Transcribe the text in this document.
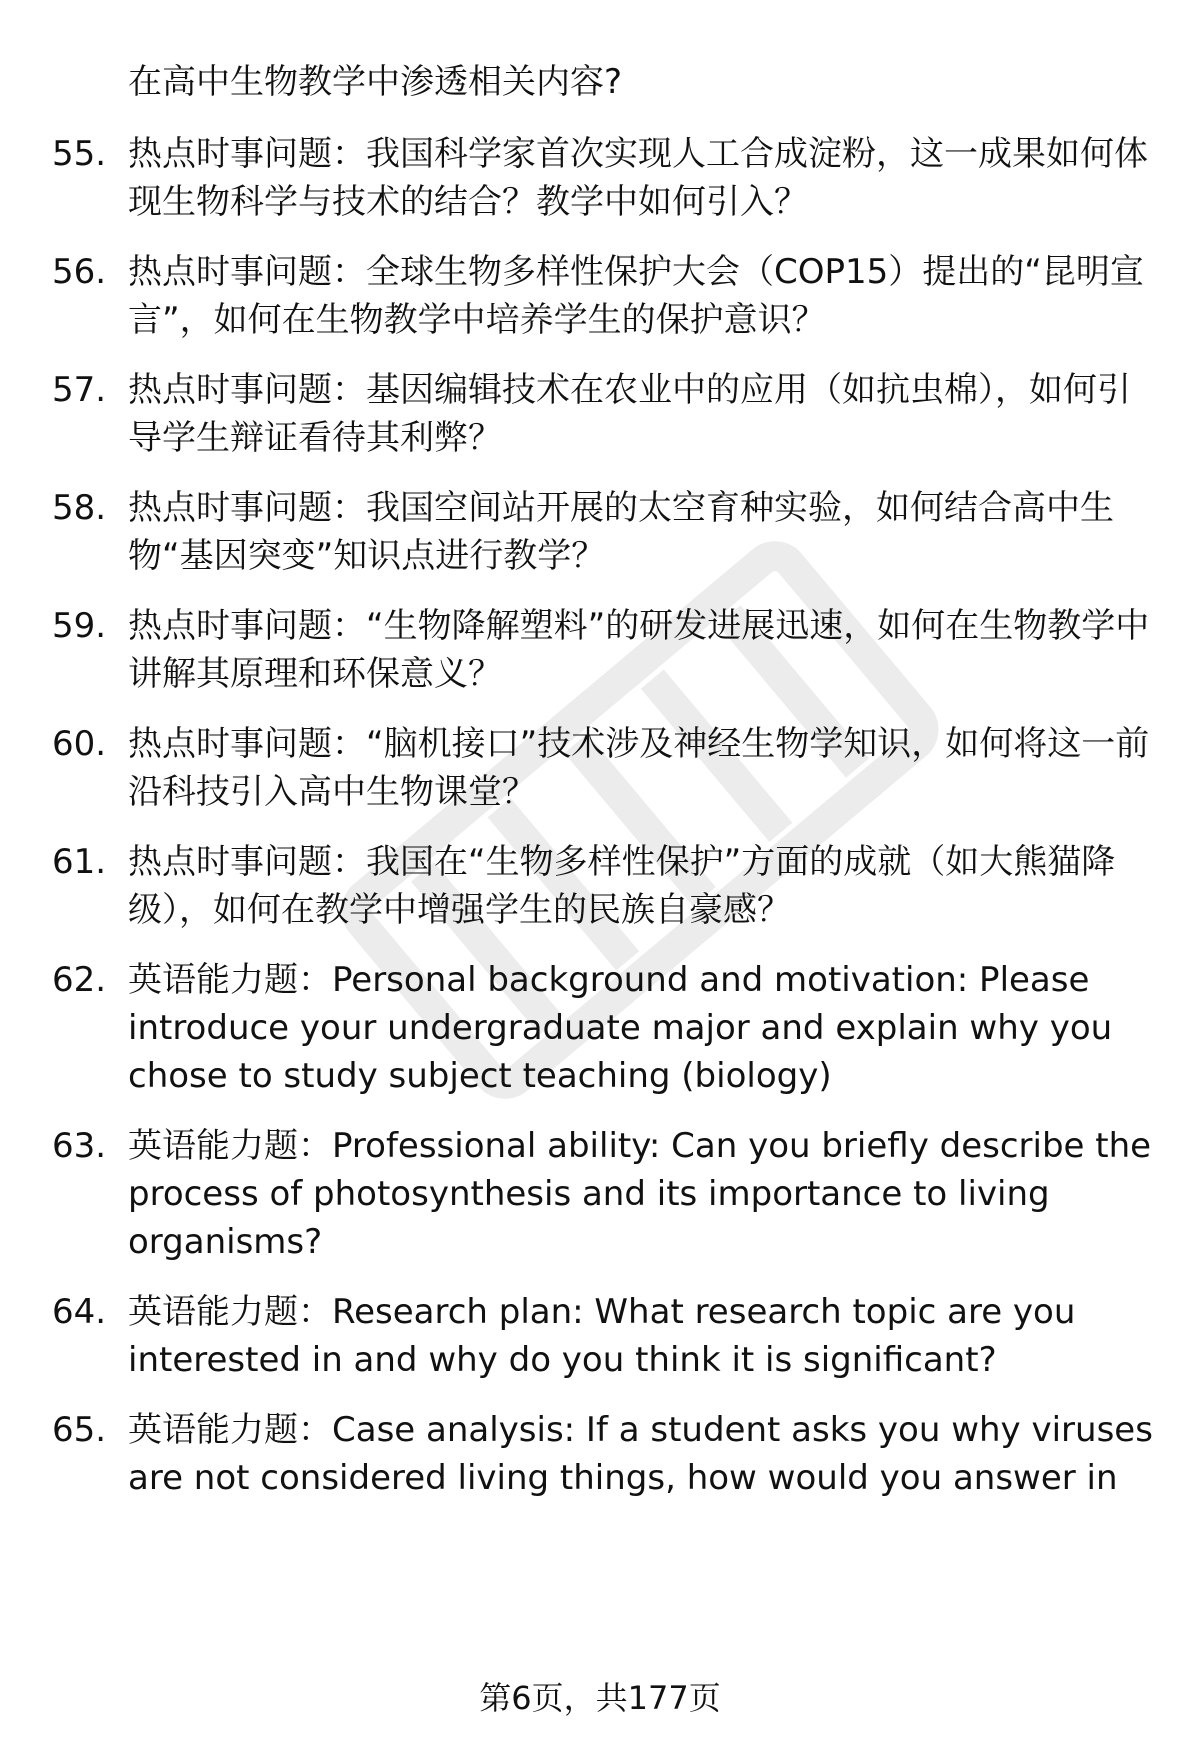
在高中生物教学中渗透相关内容?

55. 热点时事问题：我国科学家首次实现人工合成淀粉，这一成果如何体现生物科学与技术的结合？教学中如何引入？

56. 热点时事问题：全球生物多样性保护大会（COP15）提出的“昆明宣言”，如何在生物教学中培养学生的保护意识？

57. 热点时事问题：基因编辑技术在农业中的应用（如抗虫棉），如何引导学生辩证看待其利弊？

58. 热点时事问题：我国空间站开展的太空育种实验，如何结合高中生物“基因突变”知识点进行教学？

59. 热点时事问题：“生物降解塑料”的研发进展迅速，如何在生物教学中讲解其原理和环保意义？

60. 热点时事问题：“脑机接口”技术涉及神经生物学知识，如何将这一前沿科技引入高中生物课堂？

61. 热点时事问题：我国在“生物多样性保护”方面的成就（如大熊猫降级），如何在教学中增强学生的民族自豪感？

62. 英语能力题：Personal background and motivation: Please introduce your undergraduate major and explain why you chose to study subject teaching (biology)

63. 英语能力题：Professional ability: Can you briefly describe the process of photosynthesis and its importance to living organisms?

64. 英语能力题：Research plan: What research topic are you interested in and why do you think it is significant?

65. 英语能力题：Case analysis: If a student asks you why viruses are not considered living things, how would you answer in

第6页，共177页
